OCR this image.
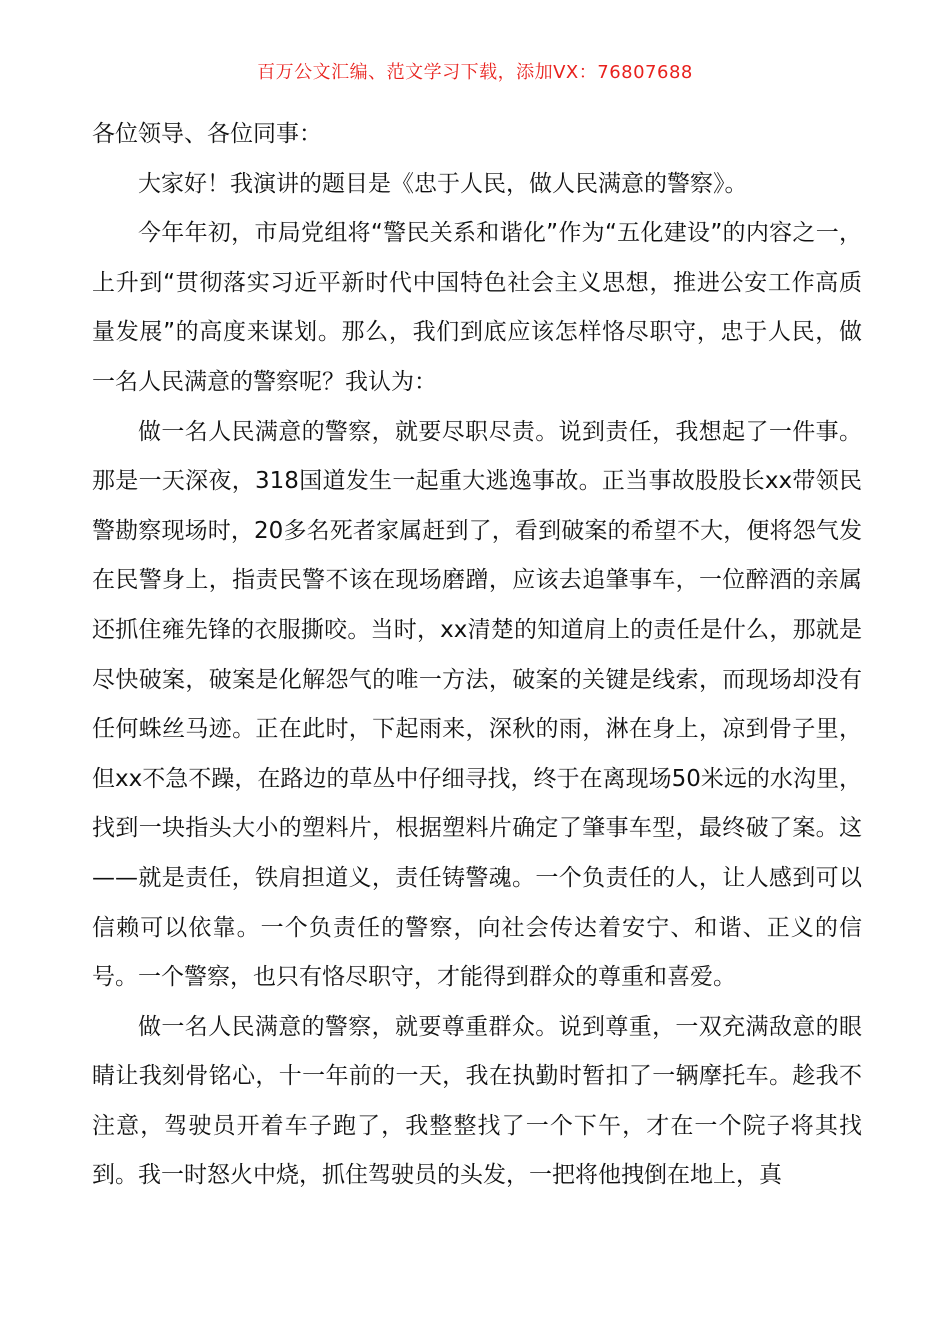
百万公文汇编、范文学习下载，添加VX：76807688

各位领导、各位同事：

大家好！我演讲的题目是《忠于人民，做人民满意的警察》。

今年年初，市局党组将“警民关系和谐化”作为“五化建设”的内容之一，上升到“贯彻落实习近平新时代中国特色社会主义思想，推进公安工作高质量发展”的高度来谋划。那么，我们到底应该怎样恪尽职守，忠于人民，做一名人民满意的警察呢？我认为：

做一名人民满意的警察，就要尽职尽责。说到责任，我想起了一件事。那是一天深夜，318国道发生一起重大逃逸事故。正当事故股股长xx带领民警勘察现场时，20多名死者家属赶到了，看到破案的希望不大，便将怨气发在民警身上，指责民警不该在现场磨蹭，应该去追肇事车，一位醉酒的亲属还抓住雍先锋的衣服撕咬。当时，xx清楚的知道肩上的责任是什么，那就是尽快破案，破案是化解怨气的唯一方法，破案的关键是线索，而现场却没有任何蛛丝马迹。正在此时，下起雨来，深秋的雨，淋在身上，凉到骨子里，但xx不急不躁，在路边的草丛中仔细寻找，终于在离现场50米远的水沟里，找到一块指头大小的塑料片，根据塑料片确定了肇事车型，最终破了案。这——就是责任，铁肩担道义，责任铸警魂。一个负责任的人，让人感到可以信赖可以依靠。一个负责任的警察，向社会传达着安宁、和谐、正义的信号。一个警察，也只有恪尽职守，才能得到群众的尊重和喜爱。

做一名人民满意的警察，就要尊重群众。说到尊重，一双充满敌意的眼睛让我刻骨铭心，十一年前的一天，我在执勤时暂扣了一辆摩托车。趁我不注意，驾驶员开着车子跑了，我整整找了一个下午，才在一个院子将其找到。我一时怒火中烧，抓住驾驶员的头发，一把将他拽倒在地上，真
